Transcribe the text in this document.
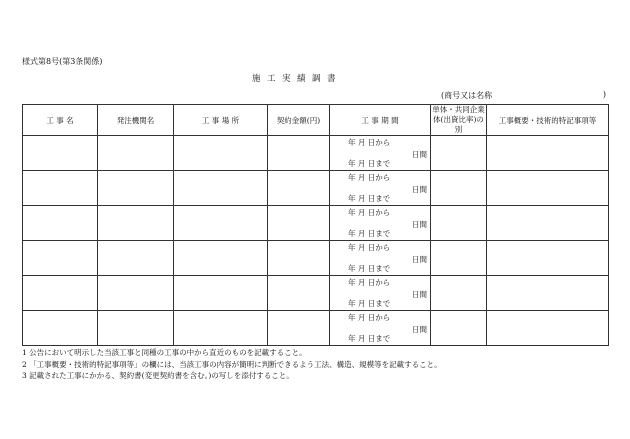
様式第8号(第3条関係)
施工実績調書
(商号又は名称	)
工 事 名	発注機関名	工 事 場 所	契約金額(円)	工 事 期 間	単体・共同企業体(出資比率)の別	工事概要・技術的特記事項等

				年 月 日から
日間
年 月 日まで		

				年 月 日から
日間
年 月 日まで		

				年 月 日から
日間
年 月 日まで		

				年 月 日から
日間
年 月 日まで		

				年 月 日から
日間
年 月 日まで		

				年 月 日から
日間
年 月 日まで		

1 公告において明示した当該工事と同種の工事の中から直近のものを記載すること。
2 「工事概要・技術的特記事項等」の欄には、当該工事の内容が簡明に判断できるよう工法、構造、規模等を記載すること。
3 記載された工事にかかる、契約書(変更契約書を含む。)の写しを添付すること。
